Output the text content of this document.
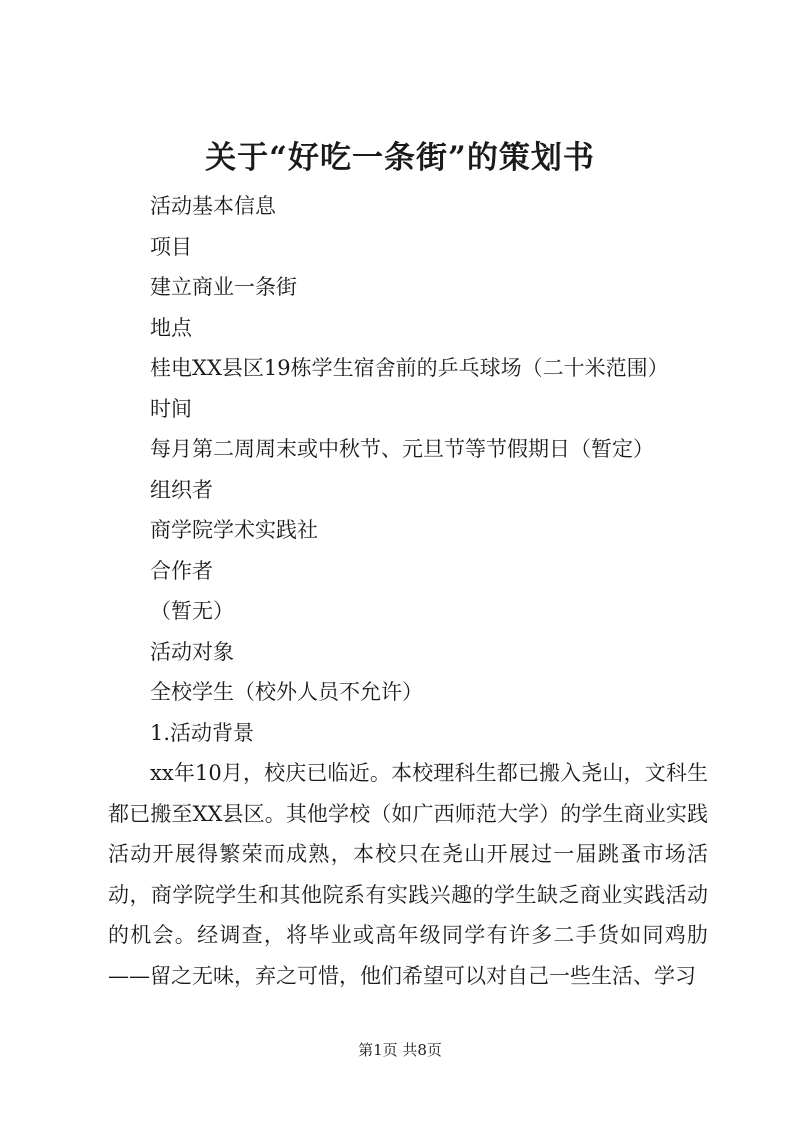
关于“好吃一条街”的策划书

活动基本信息

项目

建立商业一条街

地点

桂电XX县区19栋学生宿舍前的乒乓球场（二十米范围）

时间

每月第二周周末或中秋节、元旦节等节假期日（暂定）

组织者

商学院学术实践社

合作者

（暂无）

活动对象

全校学生（校外人员不允许）

1.活动背景

xx年10月，校庆已临近。本校理科生都已搬入尧山，文科生都已搬至XX县区。其他学校（如广西师范大学）的学生商业实践活动开展得繁荣而成熟，本校只在尧山开展过一届跳蚤市场活动，商学院学生和其他院系有实践兴趣的学生缺乏商业实践活动的机会。经调查，将毕业或高年级同学有许多二手货如同鸡肋——留之无味，弃之可惜，他们希望可以对自己一些生活、学习

第1页 共8页
